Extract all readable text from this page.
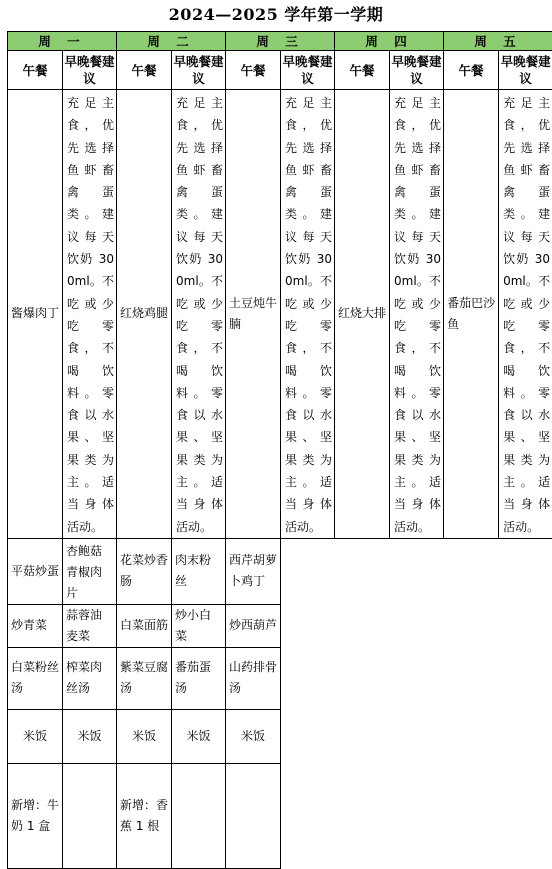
2024—2025 学年第一学期
周 一		周 二		周 三		周 四		周 五	
午餐	早晚餐建议	午餐	早晚餐建议	午餐	早晚餐建议	午餐	早晚餐建议	午餐	早晚餐建议
酱爆肉丁	充足主食，优先选择鱼虾畜禽蛋类。建议每天饮奶 300ml。不吃或少吃零食，不喝饮料。零食以水果、坚果类为主。适当身体活动。	红烧鸡腿	充足主食，优先选择鱼虾畜禽蛋类。建议每天饮奶 300ml。不吃或少吃零食，不喝饮料。零食以水果、坚果类为主。适当身体活动。	土豆炖牛腩	充足主食，优先选择鱼虾畜禽蛋类。建议每天饮奶 300ml。不吃或少吃零食，不喝饮料。零食以水果、坚果类为主。适当身体活动。	红烧大排	充足主食，优先选择鱼虾畜禽蛋类。建议每天饮奶 300ml。不吃或少吃零食，不喝饮料。零食以水果、坚果类为主。适当身体活动。	番茄巴沙鱼	充足主食，优先选择鱼虾畜禽蛋类。建议每天饮奶 300ml。不吃或少吃零食，不喝饮料。零食以水果、坚果类为主。适当身体活动。
平菇炒蛋	杏鲍菇青椒肉片	花菜炒香肠	肉末粉丝	西芹胡萝卜鸡丁					
炒青菜	蒜蓉油麦菜	白菜面筋	炒小白菜	炒西葫芦					
白菜粉丝汤	榨菜肉丝汤	紫菜豆腐汤	番茄蛋汤	山药排骨汤					
米饭	米饭	米饭	米饭	米饭					
新增：牛奶 1 盒		新增：香蕉 1 根							
